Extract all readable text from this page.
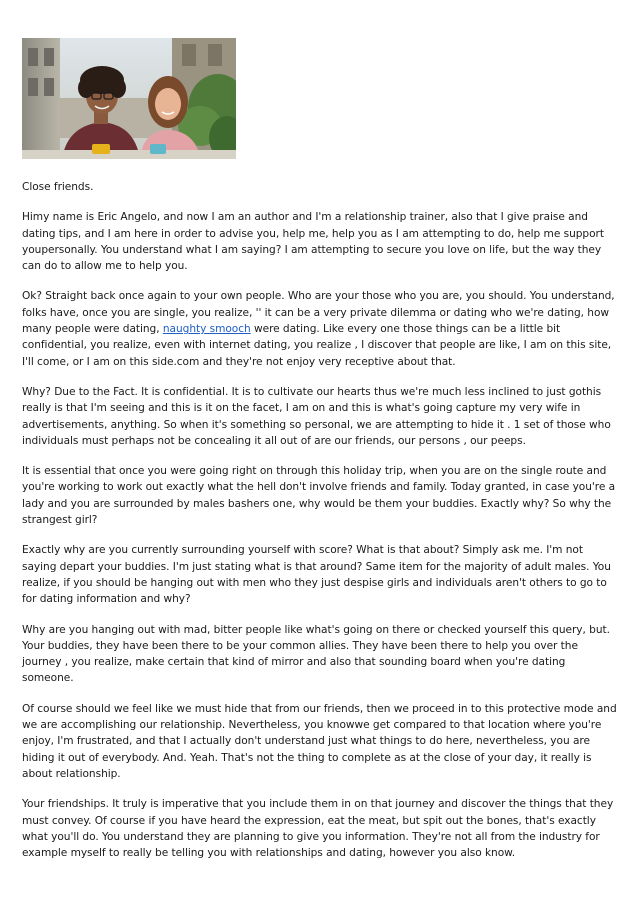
Close friends.

Himy name is Eric Angelo, and now I am an author and I'm a relationship trainer, also that I give praise and dating tips, and I am here in order to advise you, help me, help you as I am attempting to do, help me support youpersonally. You understand what I am saying? I am attempting to secure you love on life, but the way they can do to allow me to help you.

Ok? Straight back once again to your own people. Who are your those who you are, you should. You understand, folks have, once you are single, you realize, '' it can be a very private dilemma or dating who we're dating, how many people were dating, naughty smooch were dating. Like every one those things can be a little bit confidential, you realize, even with internet dating, you realize , I discover that people are like, I am on this site, I'll come, or I am on this side.com and they're not enjoy very receptive about that.

Why? Due to the Fact. It is confidential. It is to cultivate our hearts thus we're much less inclined to just gothis really is that I'm seeing and this is it on the facet, I am on and this is what's going capture my very wife in advertisements, anything. So when it's something so personal, we are attempting to hide it . 1 set of those who individuals must perhaps not be concealing it all out of are our friends, our persons , our peeps.

It is essential that once you were going right on through this holiday trip, when you are on the single route and you're working to work out exactly what the hell don't involve friends and family. Today granted, in case you're a lady and you are surrounded by males bashers one, why would be them your buddies. Exactly why? So why the strangest girl?

Exactly why are you currently surrounding yourself with score? What is that about? Simply ask me. I'm not saying depart your buddies. I'm just stating what is that around? Same item for the majority of adult males. You realize, if you should be hanging out with men who they just despise girls and individuals aren't others to go to for dating information and why?

Why are you hanging out with mad, bitter people like what's going on there or checked yourself this query, but. Your buddies, they have been there to be your common allies. They have been there to help you over the journey , you realize, make certain that kind of mirror and also that sounding board when you're dating someone.

Of course should we feel like we must hide that from our friends, then we proceed in to this protective mode and we are accomplishing our relationship. Nevertheless, you knowwe get compared to that location where you're enjoy, I'm frustrated, and that I actually don't understand just what things to do here, nevertheless, you are hiding it out of everybody. And. Yeah. That's not the thing to complete as at the close of your day, it really is about relationship.

Your friendships. It truly is imperative that you include them in on that journey and discover the things that they must convey. Of course if you have heard the expression, eat the meat, but spit out the bones, that's exactly what you'll do. You understand they are planning to give you information. They're not all from the industry for example myself to really be telling you with relationships and dating, however you also know.
